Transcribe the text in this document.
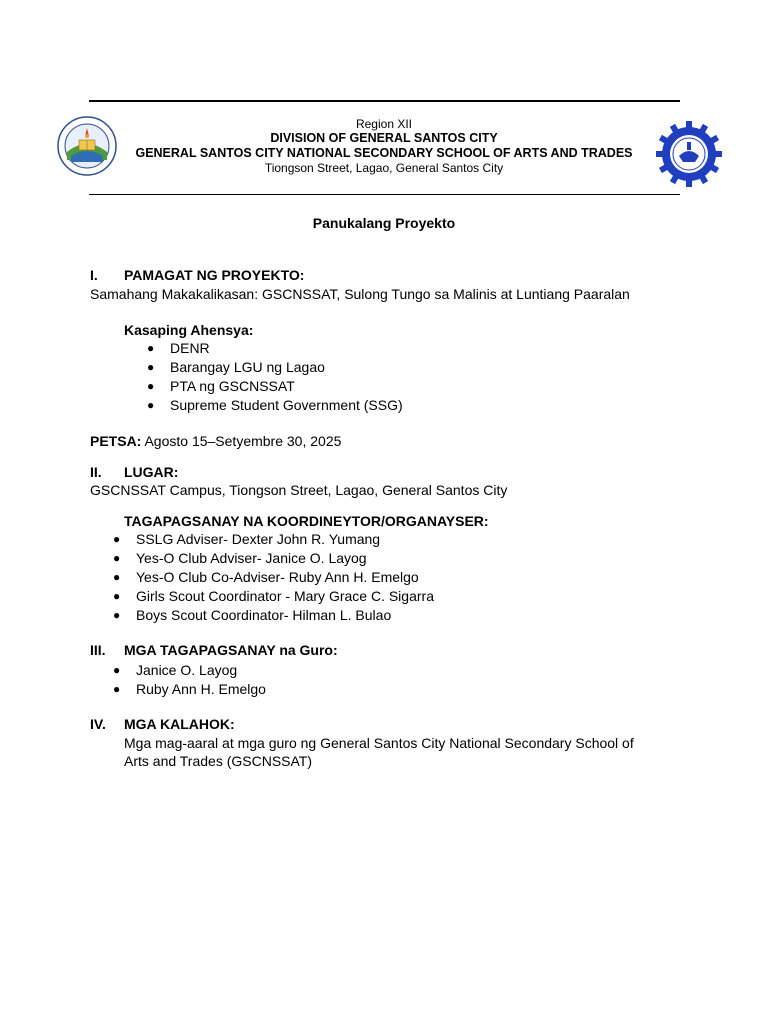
Region XII
DIVISION OF GENERAL SANTOS CITY
GENERAL SANTOS CITY NATIONAL SECONDARY SCHOOL OF ARTS AND TRADES
Tiongson Street, Lagao, General Santos City
Panukalang Proyekto
I. PAMAGAT NG PROYEKTO:
Samahang Makakalikasan: GSCNSSAT, Sulong Tungo sa Malinis at Luntiang Paaralan
Kasaping Ahensya:
● DENR
● Barangay LGU ng Lagao
● PTA ng GSCNSSAT
● Supreme Student Government (SSG)
PETSA: Agosto 15–Setyembre 30, 2025
II. LUGAR:
GSCNSSAT Campus, Tiongson Street, Lagao, General Santos City
TAGAPAGSANAY NA KOORDINEYTOR/ORGANAYSER:
● SSLG Adviser- Dexter John R. Yumang
● Yes-O Club Adviser- Janice O. Layog
● Yes-O Club Co-Adviser- Ruby Ann H. Emelgo
● Girls Scout Coordinator - Mary Grace C. Sigarra
● Boys Scout Coordinator- Hilman L. Bulao
III. MGA TAGAPAGSANAY na Guro:
● Janice O. Layog
● Ruby Ann H. Emelgo
IV. MGA KALAHOK:
Mga mag-aaral at mga guro ng General Santos City National Secondary School of
Arts and Trades (GSCNSSAT)
